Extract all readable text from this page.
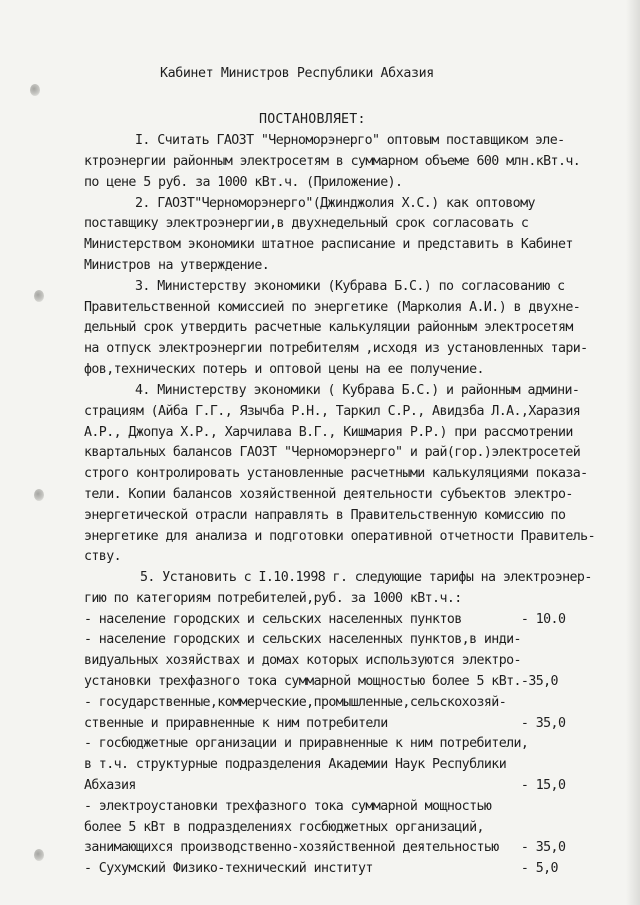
Кабинет Министров Республики Абхазия
ПОСТАНОВЛЯЕТ:
I. Считать ГАОЗТ "Черноморэнерго" оптовым поставщиком эле-
ктроэнергии районным электросетям в суммарном объеме 600 млн.кВт.ч.
по цене 5 руб. за 1000 кВт.ч. (Приложение).
2. ГАОЗТ"Черноморэнерго"(Джинджолия Х.С.) как оптовому
поставщику электроэнергии,в двухнедельный срок согласовать с
Министерством экономики штатное расписание и представить в Кабинет
Министров на утверждение.
3. Министерству экономики (Кубрава Б.С.) по согласованию с
Правительственной комиссией по энергетике (Марколия А.И.) в двухне-
дельный срок утвердить расчетные калькуляции районным электросетям
на отпуск электроэнергии потребителям ,исходя из установленных тари-
фов,технических потерь и оптовой цены на ее получение.
4. Министерству экономики ( Кубрава Б.С.) и районным админи-
страциям (Айба Г.Г., Язычба Р.Н., Таркил С.Р., Авидзба Л.А.,Харазия
А.Р., Джопуа Х.Р., Харчилава В.Г., Кишмария Р.Р.) при рассмотрении
квартальных балансов ГАОЗТ "Черноморэнерго" и рай(гор.)электросетей
строго контролировать установленные расчетными калькуляциями показа-
тели. Копии балансов хозяйственной деятельности субъектов электро-
энергетической отрасли направлять в Правительственную комиссию по
энергетике для анализа и подготовки оперативной отчетности Правитель-
ству.
5. Установить с I.10.1998 г. следующие тарифы на электроэнер-
гию по категориям потребителей,руб. за 1000 кВт.ч.:
- население городских и сельских населенных пунктов        - 10.0
- население городских и сельских населенных пунктов,в инди-
видуальных хозяйствах и домах которых используются электро-
установки трехфазного тока суммарной мощностью более 5 кВт.-35,0
- государственные,коммерческие,промышленные,сельскохозяй-
ственные и приравненные к ним потребители                  - 35,0
- госбюджетные организации и приравненные к ним потребители,
в т.ч. структурные подразделения Академии Наук Республики
Абхазия                                                    - 15,0
- электроустановки трехфазного тока суммарной мощностью
более 5 кВт в подразделениях госбюджетных организаций,
занимающихся производственно-хозяйственной деятельностью   - 35,0
- Сухумский Физико-технический институт                    - 5,0
